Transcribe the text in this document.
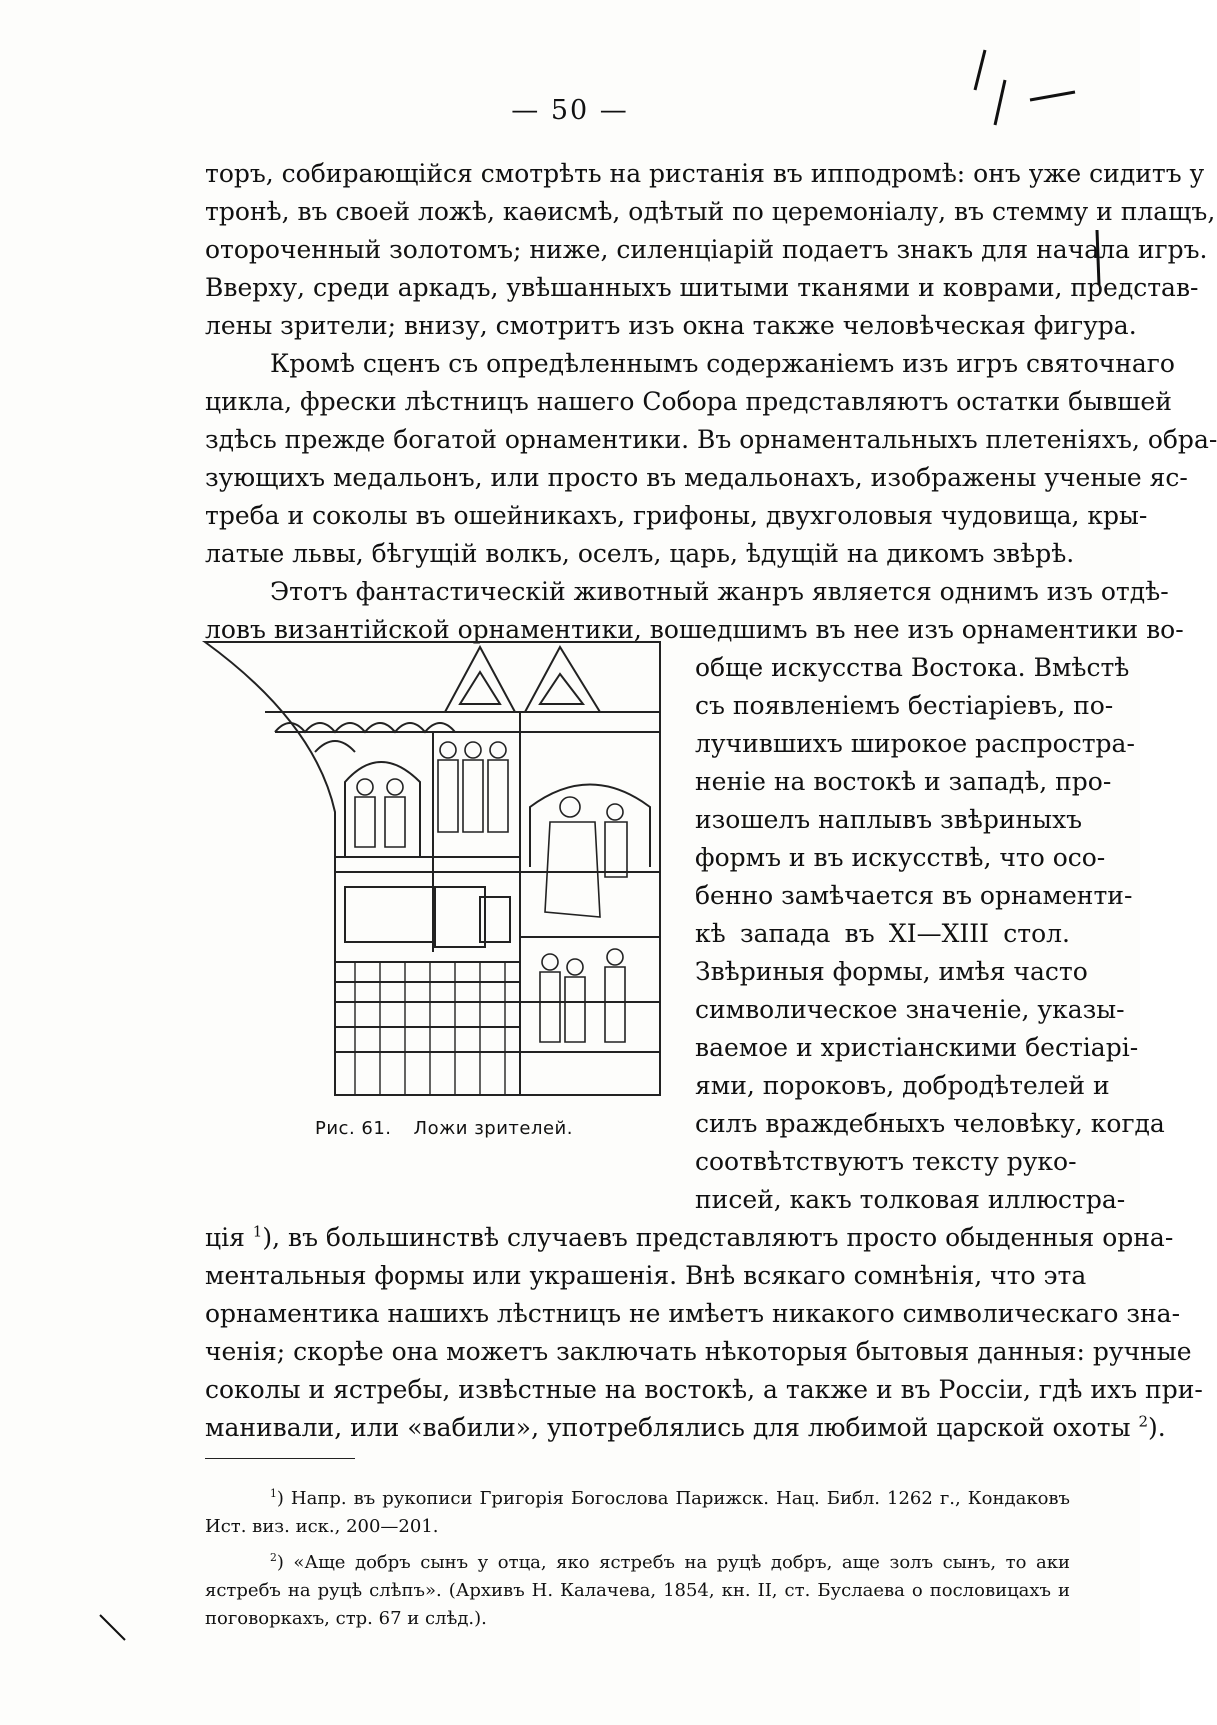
— 50 —
торъ, собирающійся смотрѣть на ристанія въ ипподромѣ: онъ уже сидитъ у
тронѣ, въ своей ложѣ, каѳисмѣ, одѣтый по церемоніалу, въ стемму и плащъ,
отороченный золотомъ; ниже, силенціарій подаетъ знакъ для начала игръ.
Вверху, среди аркадъ, увѣшанныхъ шитыми тканями и коврами, представ-
лены зрители; внизу, смотритъ изъ окна также человѣческая фигура.
Кромѣ сценъ съ опредѣленнымъ содержаніемъ изъ игръ святочнаго
цикла, фрески лѣстницъ нашего Собора представляютъ остатки бывшей
здѣсь прежде богатой орнаментики. Въ орнаментальныхъ плетеніяхъ, обра-
зующихъ медальонъ, или просто въ медальонахъ, изображены ученые яс-
треба и соколы въ ошейникахъ, грифоны, двухголовыя чудовища, кры-
латые львы, бѣгущій волкъ, оселъ, царь, ѣдущій на дикомъ звѣрѣ.
Этотъ фантастическій животный жанръ является однимъ изъ отдѣ-
ловъ византійской орнаментики, вошедшимъ въ нее изъ орнаментики во-
обще искусства Востока. Вмѣстѣ
съ появленіемъ бестіаріевъ, по-
лучившихъ широкое распростра-
неніе на востокѣ и западѣ, про-
изошелъ наплывъ звѣриныхъ
формъ и въ искусствѣ, что осо-
бенно замѣчается въ орнаменти-
кѣ запада въ XI—XIII стол.
Звѣриныя формы, имѣя часто
символическое значеніе, указы-
ваемое и христіанскими бестіарі-
ями, пороковъ, добродѣтелей и
силъ враждебныхъ человѣку, когда
соотвѣтствуютъ тексту руко-
писей, какъ толковая иллюстра-
ція $^1$), въ большинствѣ случаевъ представляютъ просто обыденныя орна-
ментальныя формы или украшенія. Внѣ всякаго сомнѣнія, что эта
орнаментика нашихъ лѣстницъ не имѣетъ никакого символическаго зна-
ченія; скорѣе она можетъ заключать нѣкоторыя бытовыя данныя: ручные
соколы и ястребы, извѣстные на востокѣ, а также и въ Россіи, гдѣ ихъ при-
манивали, или «вабили», употреблялись для любимой царской охоты $^2$).
Рис. 61. Ложи зрителей.
$^1$) Напр. въ рукописи Григорія Богослова Парижск. Нац. Библ. 1262 г., Кондаковъ
Ист. виз. иск., 200—201.
$^2$) «Аще добръ сынъ у отца, яко ястребъ на руцѣ добръ, аще золъ сынъ, то аки
ястребъ на руцѣ слѣпъ». (Архивъ Н. Калачева, 1854, кн. II, ст. Буслаева о пословицахъ и
поговоркахъ, стр. 67 и слѣд.).
